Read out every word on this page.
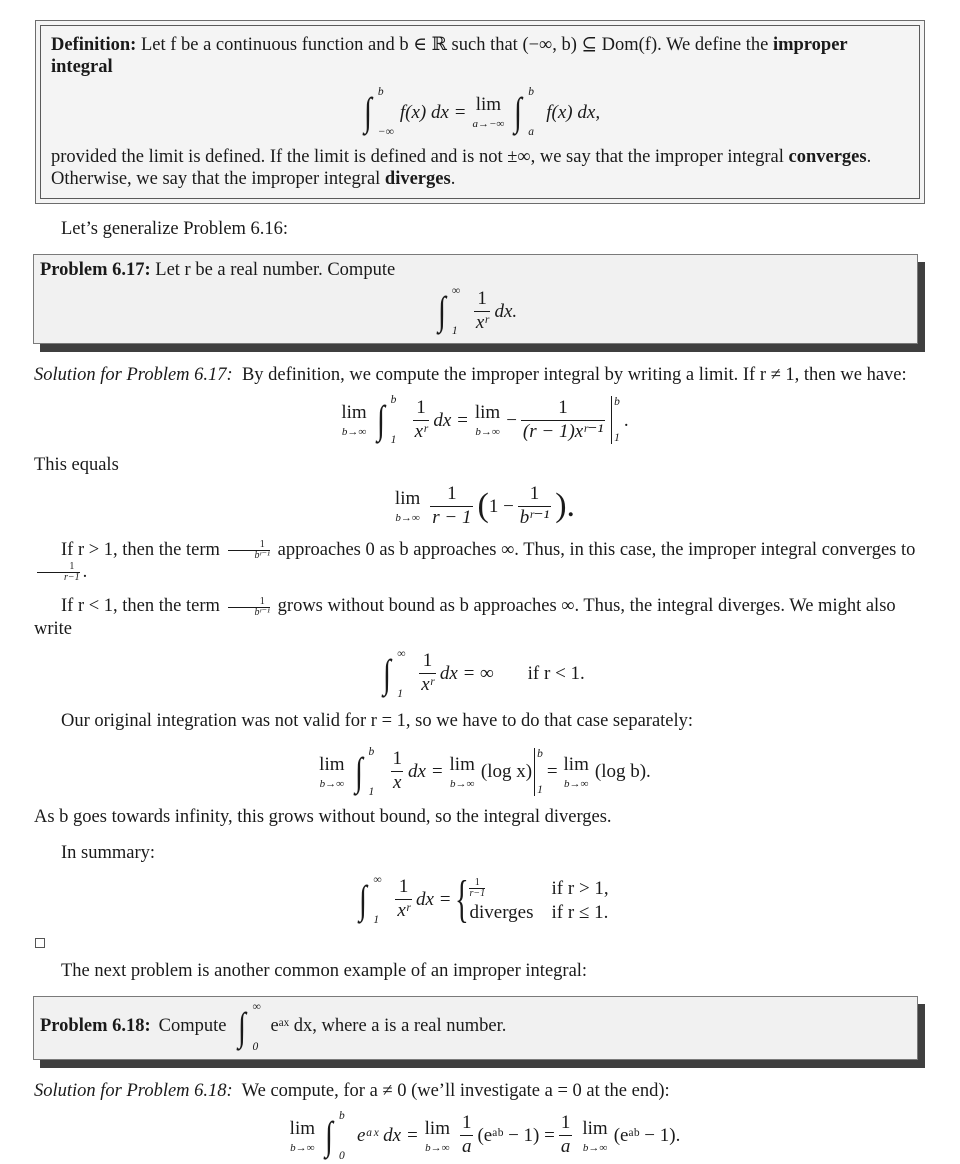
Definition: Let f be a continuous function and b ∈ ℝ such that (−∞, b) ⊆ Dom(f). We define the improper integral

∫ b
−∞
f(x) dx = lim
a→−∞ ∫ b
a
f(x) dx,

provided the limit is defined. If the limit is defined and is not ±∞, we say that the improper integral converges. Otherwise, we say that the improper integral diverges.

Let’s generalize Problem 6.16:

Problem 6.17: Let r be a real number. Compute

∫ ∞
$1 \frac{1}{\text{xʳ}}$ dx.

Solution for Problem 6.17: By definition, we compute the improper integral by writing a limit. If r ≠ 1, then we have:

lim
b→∞ ∫ b
$1 \frac{1}{\text{xʳ}}$ dx = lim
b→∞
− $\frac{1}{\text{(r − 1)xʳ⁻¹}}$ b
1
.

This equals

lim
$b\to\infty \frac{1}{r - 1}$ ( $1 - \frac{1}{\text{bʳ⁻¹}}$ ).

If r > 1, then the term $\frac{1}{\text{bʳ⁻¹}}$ approaches 0 as b approaches ∞. Thus, in this case, the improper integral converges to
$\frac{1}{r-1}$ .

If r < 1, then the term $\frac{1}{\text{bʳ⁻¹}}$ grows without bound as b approaches ∞. Thus, the integral diverges. We might also write

∫ ∞
$1 \frac{1}{\text{xʳ}}$ dx = ∞ if r < 1.

Our original integration was not valid for r = 1, so we have to do that case separately:

lim
b→∞ ∫ b
$1 \frac{1}{x}$ dx = lim
b→∞
(log x)
b
1
= lim
b→∞
(log b).

As b goes towards infinity, this grows without bound, so the integral diverges.

In summary:

∫ ∞
$1 \frac{1}{\text{xʳ}}$ dx = { $\frac{1}{r-1}$	if r > 1,
diverges if r ≤ 1.

The next problem is another common example of an improper integral:

Problem 6.18: Compute ∫ ∞
0
eᵃˣ dx, where a is a real number.

Solution for Problem 6.18: We compute, for a ≠ 0 (we’ll investigate a = 0 at the end):

lim
b→∞ ∫ b
0
eᵃˣ dx = lim
$b\to\infty \frac{1}{a}$ (eᵃᵇ − $1) = \frac{1}{a}$ lim
b→∞
(eᵃᵇ − 1).
